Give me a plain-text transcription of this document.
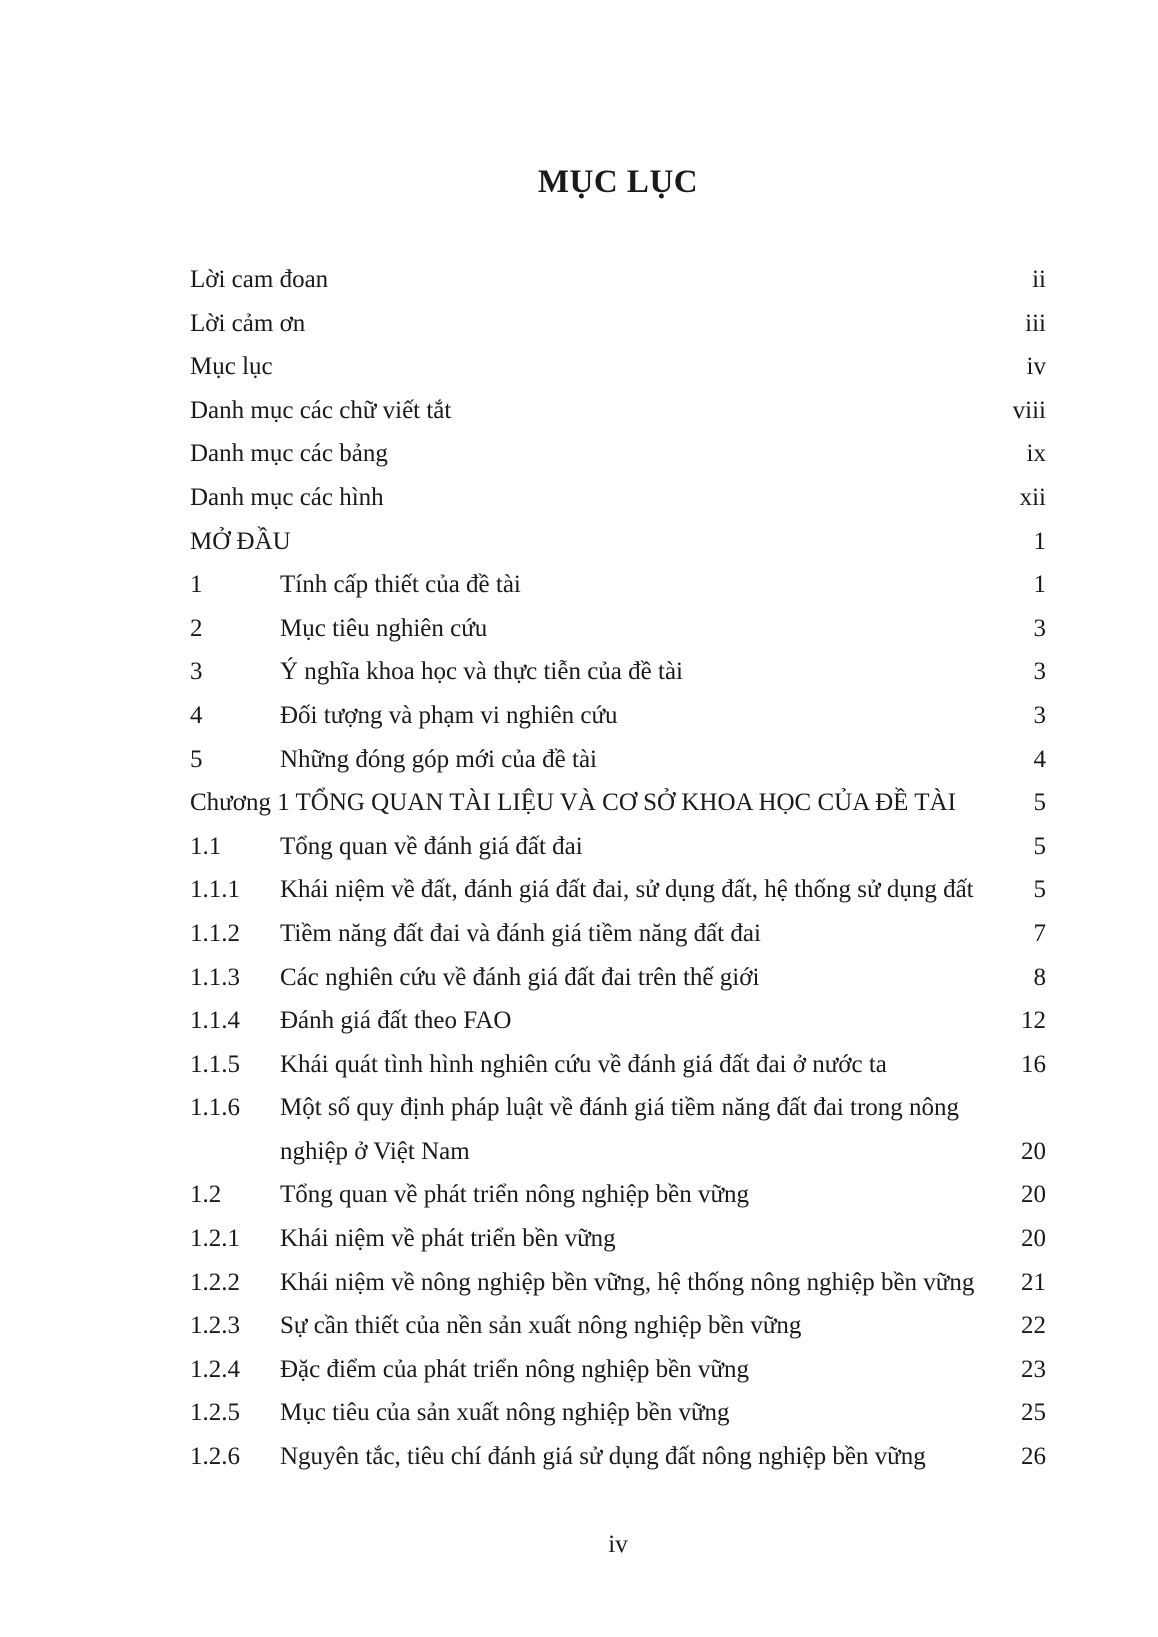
MỤC LỤC
Lời cam đoan	ii
Lời cảm ơn	iii
Mục lục	iv
Danh mục các chữ viết tắt	viii
Danh mục các bảng	ix
Danh mục các hình	xii
MỞ ĐẦU	1
1	Tính cấp thiết của đề tài	1
2	Mục tiêu nghiên cứu	3
3	Ý nghĩa khoa học và thực tiễn của đề tài	3
4	Đối tượng và phạm vi nghiên cứu	3
5	Những đóng góp mới của đề tài	4
Chương 1 TỔNG QUAN TÀI LIỆU VÀ CƠ SỞ KHOA HỌC CỦA ĐỀ TÀI	5
1.1	Tổng quan về đánh giá đất đai	5
1.1.1	Khái niệm về đất, đánh giá đất đai, sử dụng đất, hệ thống sử dụng đất	5
1.1.2	Tiềm năng đất đai và đánh giá tiềm năng đất đai	7
1.1.3	Các nghiên cứu về đánh giá đất đai trên thế giới	8
1.1.4	Đánh giá đất theo FAO	12
1.1.5	Khái quát tình hình nghiên cứu về đánh giá đất đai ở nước ta	16
1.1.6	Một số quy định pháp luật về đánh giá tiềm năng đất đai trong nông
nghiệp ở Việt Nam	20
1.2	Tổng quan về phát triển nông nghiệp bền vững	20
1.2.1	Khái niệm về phát triển bền vững	20
1.2.2	Khái niệm về nông nghiệp bền vững, hệ thống nông nghiệp bền vững	21
1.2.3	Sự cần thiết của nền sản xuất nông nghiệp bền vững	22
1.2.4	Đặc điểm của phát triển nông nghiệp bền vững	23
1.2.5	Mục tiêu của sản xuất nông nghiệp bền vững	25
1.2.6	Nguyên tắc, tiêu chí đánh giá sử dụng đất nông nghiệp bền vững	26
iv
